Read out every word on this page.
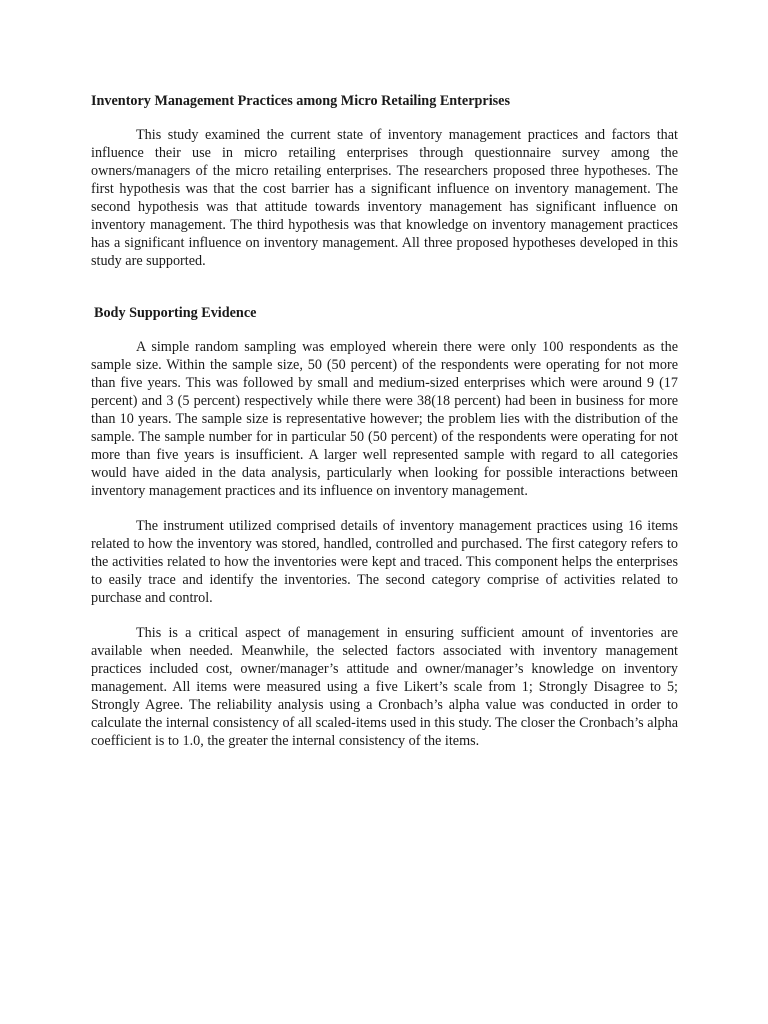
Inventory Management Practices among Micro Retailing Enterprises

This study examined the current state of inventory management practices and factors that influence their use in micro retailing enterprises through questionnaire survey among the owners/managers of the micro retailing enterprises. The researchers proposed three hypotheses. The first hypothesis was that the cost barrier has a significant influence on inventory management. The second hypothesis was that attitude towards inventory management has significant influence on inventory management. The third hypothesis was that knowledge on inventory management practices has a significant influence on inventory management. All three proposed hypotheses developed in this study are supported.

Body Supporting Evidence

A simple random sampling was employed wherein there were only 100 respondents as the sample size. Within the sample size, 50 (50 percent) of the respondents were operating for not more than five years. This was followed by small and medium-sized enterprises which were around 9 (17 percent) and 3 (5 percent) respectively while there were 38(18 percent) had been in business for more than 10 years. The sample size is representative however; the problem lies with the distribution of the sample. The sample number for in particular 50 (50 percent) of the respondents were operating for not more than five years is insufficient. A larger well represented sample with regard to all categories would have aided in the data analysis, particularly when looking for possible interactions between inventory management practices and its influence on inventory management.

The instrument utilized comprised details of inventory management practices using 16 items related to how the inventory was stored, handled, controlled and purchased. The first category refers to the activities related to how the inventories were kept and traced. This component helps the enterprises to easily trace and identify the inventories. The second category comprise of activities related to purchase and control.

This is a critical aspect of management in ensuring sufficient amount of inventories are available when needed. Meanwhile, the selected factors associated with inventory management practices included cost, owner/manager’s attitude and owner/manager’s knowledge on inventory management. All items were measured using a five Likert’s scale from 1; Strongly Disagree to 5; Strongly Agree. The reliability analysis using a Cronbach’s alpha value was conducted in order to calculate the internal consistency of all scaled-items used in this study. The closer the Cronbach’s alpha coefficient is to 1.0, the greater the internal consistency of the items.
